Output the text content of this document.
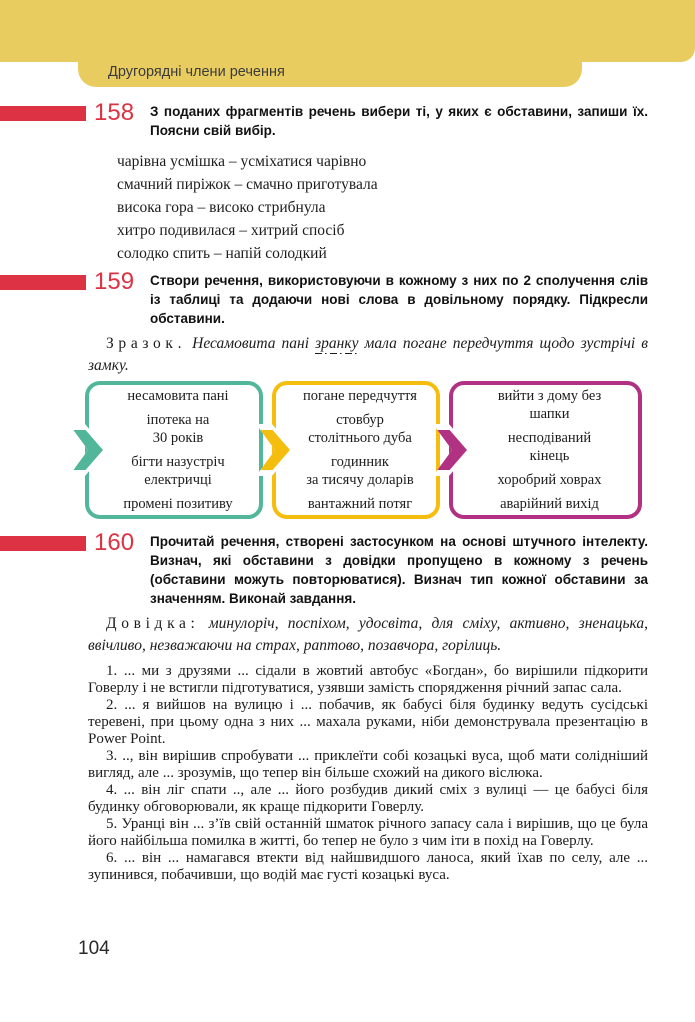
Другорядні члени речення
158	З поданих фрагментів речень вибери ті, у яких є обставини, запиши їх. Поясни свій вибір.
чарівна усмішка – усміхатися чарівно
смачний пиріжок – смачно приготувала
висока гора – високо стрибнула
хитро подивилася – хитрий спосіб
солодко спить – напій солодкий
159	Створи речення, використовуючи в кожному з них по 2 сполучення слів із таблиці та додаючи нові слова в довільному порядку. Підкресли обставини.

Зразок. Несамовита пані зранку мала погане передчуття щодо зустрічі в замку.

несамовита пані
іпотека на
30 років
бігти назустріч
електричці
промені позитиву
погане передчуття
стовбур
столітнього дуба
годинник
за тисячу доларів
вантажний потяг
вийти з дому без
шапки
несподіваний
кінець
хоробрий ховрах
аварійний вихід
160	Прочитай речення, створені застосунком на основі штучного інтелекту. Визнач, які обставини з довідки пропущено в кожному з речень (обставини можуть повторюватися). Визнач тип кожної обставини за значенням. Виконай завдання.

Довідка: минулоріч, поспіхом, удосвіта, для сміху, активно, зненацька, ввічливо, незважаючи на страх, раптово, позавчора, горілиць.

1. ... ми з друзями ... сідали в жовтий автобус «Богдан», бо вирішили підкорити Говерлу і не встигли підготуватися, узявши замість спорядження річний запас сала.

2. ... я вийшов на вулицю і ... побачив, як бабусі біля будинку ведуть сусідські теревені, при цьому одна з них ... махала руками, ніби демонструвала презентацію в Power Point.

3. .., він вирішив спробувати ... приклеїти собі козацькі вуса, щоб мати солідніший вигляд, але ... зрозумів, що тепер він більше схожий на дикого віслюка.

4. ... він ліг спати .., але ... його розбудив дикий сміх з вулиці — це бабусі біля будинку обговорювали, як краще підкорити Говерлу.

5. Уранці він ... з’їв свій останній шматок річного запасу сала і вирішив, що це була його найбільша помилка в житті, бо тепер не було з чим іти в похід на Говерлу.

6. ... він ... намагався втекти від найшвидшого ланоса, який їхав по селу, але ... зупинився, побачивши, що водій має густі козацькі вуса.

104
